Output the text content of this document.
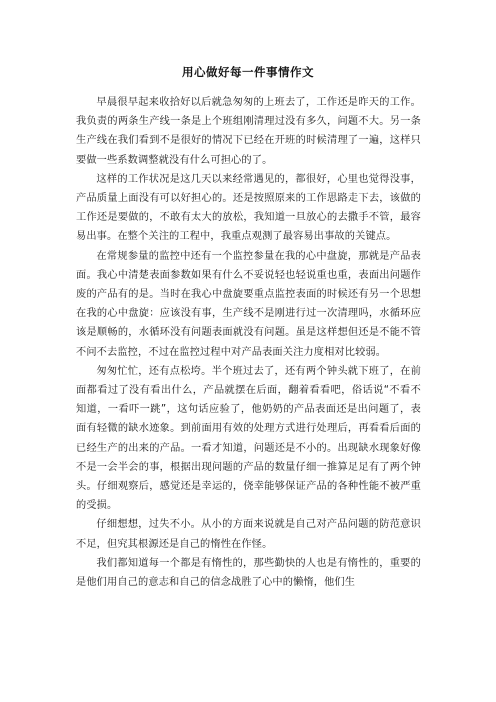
用心做好每一件事情作文

早晨很早起来收拾好以后就急匆匆的上班去了，工作还是昨天的工作。我负责的两条生产线一条是上个班组刚清理过没有多久，问题不大。另一条生产线在我们看到不是很好的情况下已经在开班的时候清理了一遍，这样只要做一些系数调整就没有什么可担心的了。

这样的工作状况是这几天以来经常遇见的，都很好，心里也觉得没事，产品质量上面没有可以好担心的。还是按照原来的工作思路走下去，该做的工作还是要做的，不敢有太大的放松，我知道一旦放心的去撒手不管，最容易出事。在整个关注的工程中，我重点观测了最容易出事故的关键点。

在常规参量的监控中还有一个监控参量在我的心中盘旋，那就是产品表面。我心中清楚表面参数如果有什么不妥说轻也轻说重也重，表面出问题作废的产品有的是。当时在我心中盘旋要重点监控表面的时候还有另一个思想在我的心中盘旋：应该没有事，生产线不是刚进行过一次清理吗，水循环应该是顺畅的，水循环没有问题表面就没有问题。虽是这样想但还是不能不管不问不去监控，不过在监控过程中对产品表面关注力度相对比较弱。

匆匆忙忙，还有点松垮。半个班过去了，还有两个钟头就下班了，在前面都看过了没有看出什么，产品就摆在后面，翻着看看吧，俗话说“不看不知道，一看吓一跳”，这句话应验了，他奶奶的产品表面还是出问题了，表面有轻微的缺水迹象。到前面用有效的处理方式进行处理后，再看看后面的已经生产的出来的产品。一看才知道，问题还是不小的。出现缺水现象好像不是一会半会的事，根据出现问题的产品的数量仔细一推算足足有了两个钟头。仔细观察后，感觉还是幸运的，侥幸能够保证产品的各种性能不被严重的受损。

仔细想想，过失不小。从小的方面来说就是自己对产品问题的防范意识不足，但究其根源还是自己的惰性在作怪。

我们都知道每一个都是有惰性的，那些勤快的人也是有惰性的，重要的是他们用自己的意志和自己的信念战胜了心中的懒惰，他们生
